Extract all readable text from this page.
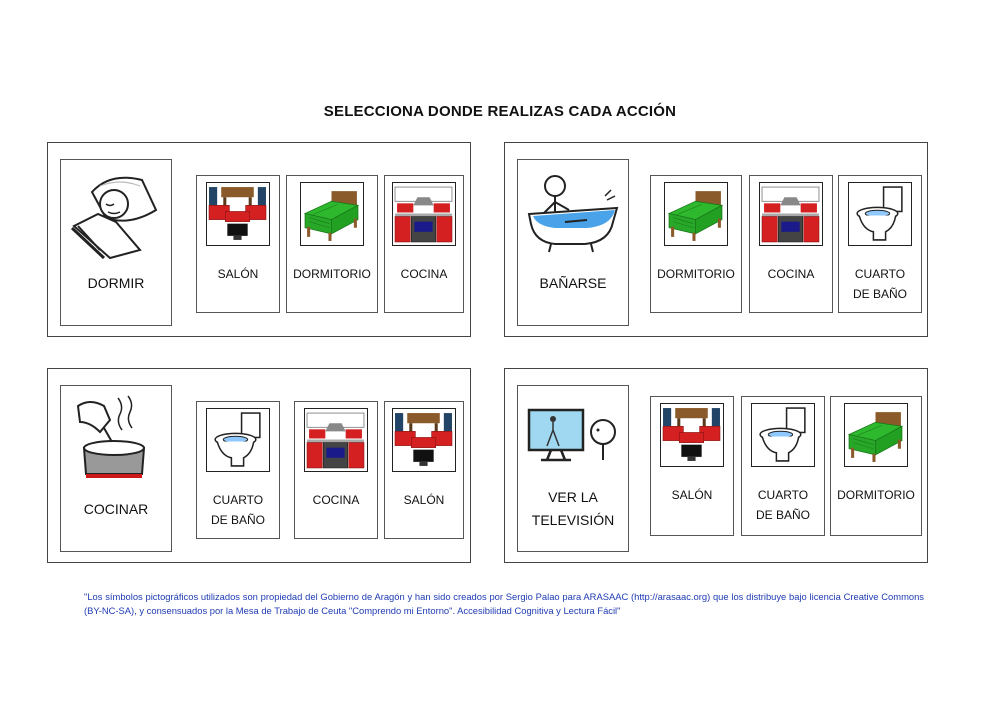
SELECCIONA DONDE REALIZAS CADA ACCIÓN
DORMIR
SALÓN	DORMITORIO	COCINA
BAÑARSE
DORMITORIO	COCINA	CUARTO
DE BAÑO
COCINAR
CUARTO
DE BAÑO
COCINA	SALÓN	VER LA
TELEVISIÓN
SALÓN	CUARTO
DE BAÑO
DORMITORIO
"Los símbolos pictográficos utilizados son propiedad del Gobierno de Aragón y han sido creados por Sergio Palao para ARASAAC (http://arasaac.org) que los distribuye bajo licencia Creative Commons (BY-NC-SA), y consensuados por la Mesa de Trabajo de Ceuta "Comprendo mi Entorno". Accesibilidad Cognitiva y Lectura Fácil"
